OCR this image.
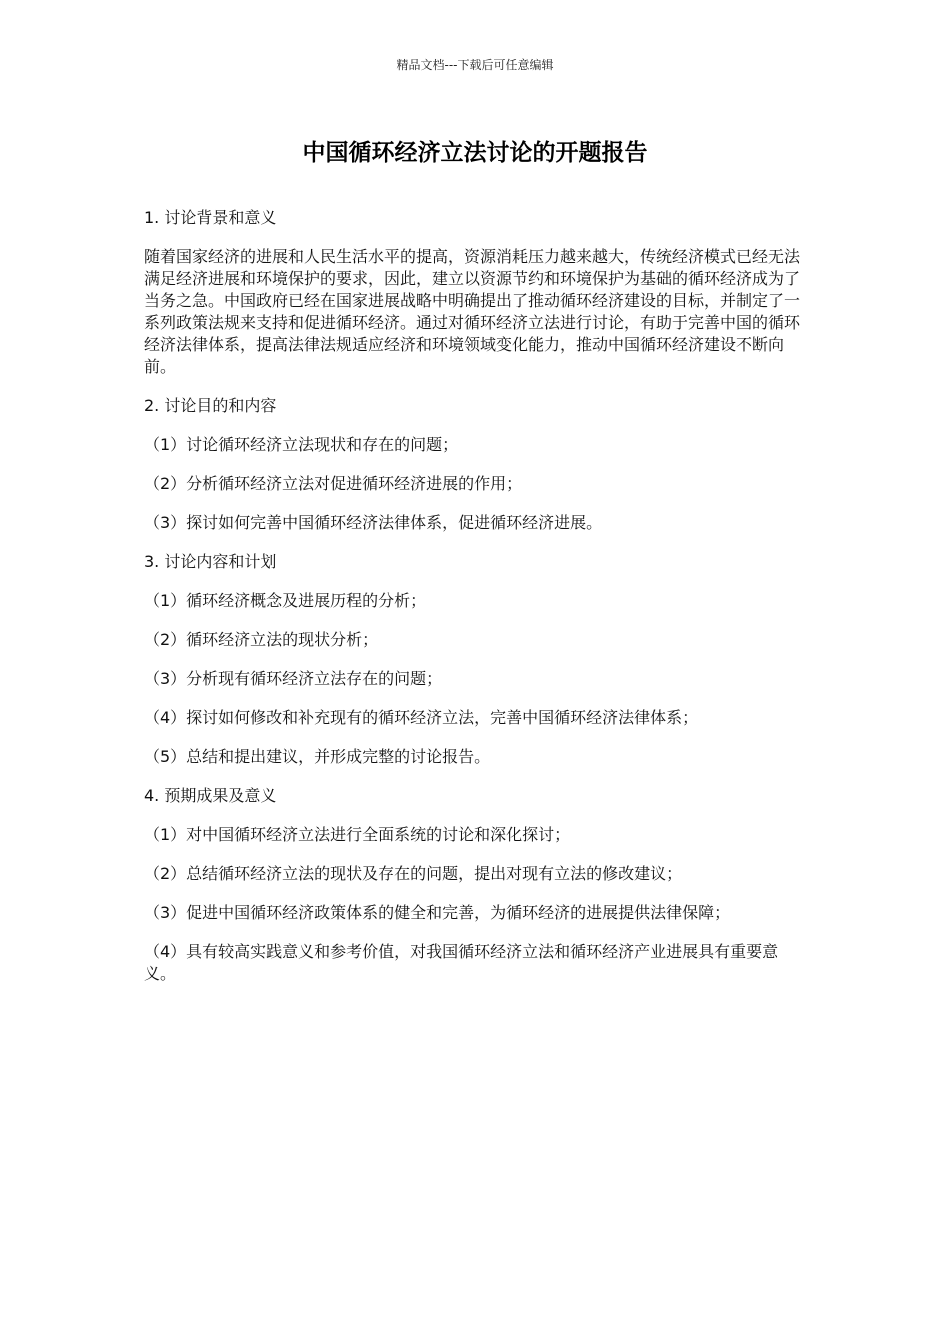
精品文档---下载后可任意编辑
中国循环经济立法讨论的开题报告

1. 讨论背景和意义

随着国家经济的进展和人民生活水平的提高，资源消耗压力越来越大，传统经济模式已经无法满足经济进展和环境保护的要求，因此，建立以资源节约和环境保护为基础的循环经济成为了当务之急。中国政府已经在国家进展战略中明确提出了推动循环经济建设的目标，并制定了一系列政策法规来支持和促进循环经济。通过对循环经济立法进行讨论，有助于完善中国的循环经济法律体系，提高法律法规适应经济和环境领域变化能力，推动中国循环经济建设不断向前。

2. 讨论目的和内容

（1）讨论循环经济立法现状和存在的问题；

（2）分析循环经济立法对促进循环经济进展的作用；

（3）探讨如何完善中国循环经济法律体系，促进循环经济进展。

3. 讨论内容和计划

（1）循环经济概念及进展历程的分析；

（2）循环经济立法的现状分析；

（3）分析现有循环经济立法存在的问题；

（4）探讨如何修改和补充现有的循环经济立法，完善中国循环经济法律体系；

（5）总结和提出建议，并形成完整的讨论报告。

4. 预期成果及意义

（1）对中国循环经济立法进行全面系统的讨论和深化探讨；

（2）总结循环经济立法的现状及存在的问题，提出对现有立法的修改建议；

（3）促进中国循环经济政策体系的健全和完善，为循环经济的进展提供法律保障；

（4）具有较高实践意义和参考价值，对我国循环经济立法和循环经济产业进展具有重要意义。
